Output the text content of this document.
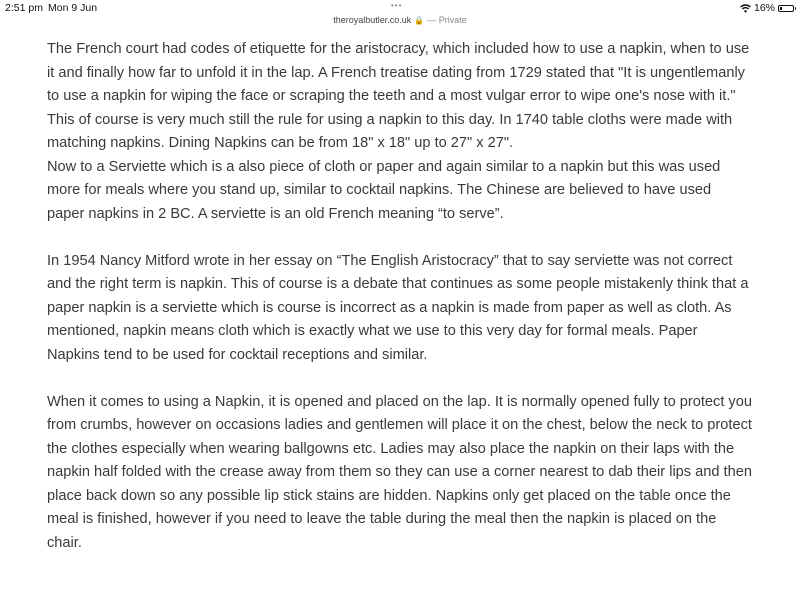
2:51 pm Mon 9 Jun	•••	16%
theroyalbutler.co.uk 🔒 — Private

The French court had codes of etiquette for the aristocracy, which included how to use a napkin, when to use it and finally how far to unfold it in the lap. A French treatise dating from 1729 stated that "It is ungentlemanly to use a napkin for wiping the face or scraping the teeth and a most vulgar error to wipe one's nose with it." This of course is very much still the rule for using a napkin to this day. In 1740 table cloths were made with matching napkins. Dining Napkins can be from 18" x 18" up to 27" x 27".

Now to a Serviette which is a also piece of cloth or paper and again similar to a napkin but this was used more for meals where you stand up, similar to cocktail napkins. The Chinese are believed to have used paper napkins in 2 BC. A serviette is an old French meaning “to serve”.

In 1954 Nancy Mitford wrote in her essay on “The English Aristocracy” that to say serviette was not correct and the right term is napkin. This of course is a debate that continues as some people mistakenly think that a paper napkin is a serviette which is course is incorrect as a napkin is made from paper as well as cloth. As mentioned, napkin means cloth which is exactly what we use to this very day for formal meals. Paper Napkins tend to be used for cocktail receptions and similar.

When it comes to using a Napkin, it is opened and placed on the lap. It is normally opened fully to protect you from crumbs, however on occasions ladies and gentlemen will place it on the chest, below the neck to protect the clothes especially when wearing ballgowns etc. Ladies may also place the napkin on their laps with the napkin half folded with the crease away from them so they can use a corner nearest to dab their lips and then place back down so any possible lip stick stains are hidden. Napkins only get placed on the table once the meal is finished, however if you need to leave the table during the meal then the napkin is placed on the chair.
